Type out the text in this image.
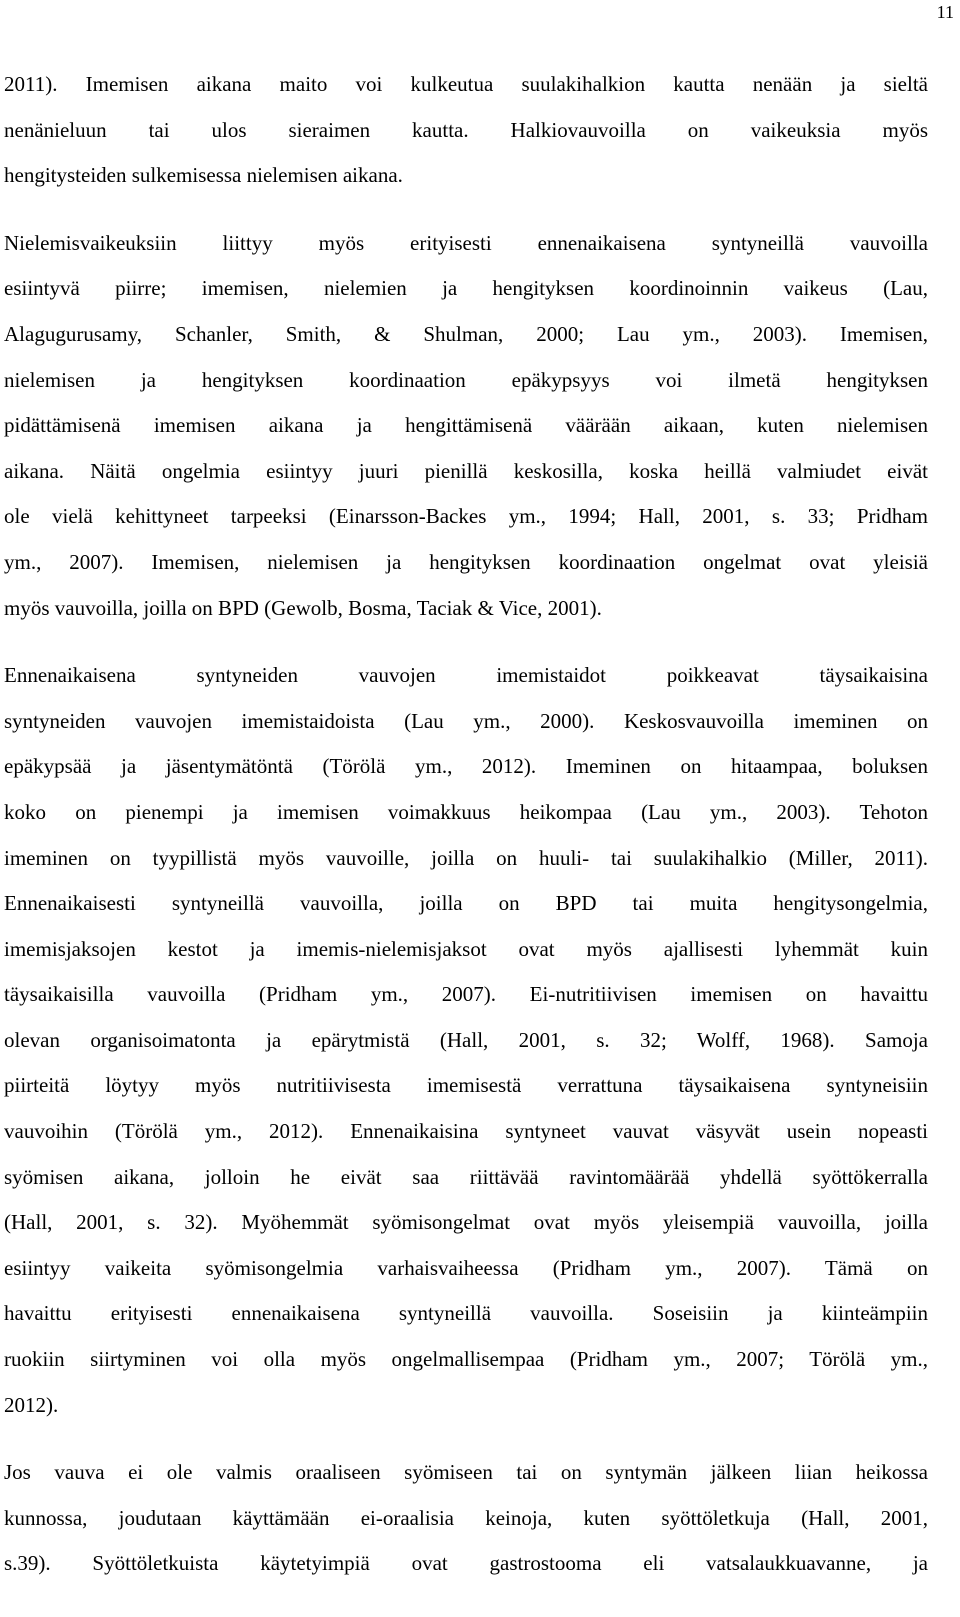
11
2011). Imemisen aikana maito voi kulkeutua suulakihalkion kautta nenään ja sieltä
nenänieluun tai ulos sieraimen kautta. Halkiovauvoilla on vaikeuksia myös
hengitysteiden sulkemisessa nielemisen aikana.
Nielemisvaikeuksiin liittyy myös erityisesti ennenaikaisena syntyneillä vauvoilla
esiintyvä piirre; imemisen, nielemien ja hengityksen koordinoinnin vaikeus (Lau,
Alagugurusamy, Schanler, Smith, & Shulman, 2000; Lau ym., 2003). Imemisen,
nielemisen ja hengityksen koordinaation epäkypsyys voi ilmetä hengityksen
pidättämisenä imemisen aikana ja hengittämisenä väärään aikaan, kuten nielemisen
aikana. Näitä ongelmia esiintyy juuri pienillä keskosilla, koska heillä valmiudet eivät
ole vielä kehittyneet tarpeeksi (Einarsson-Backes ym., 1994; Hall, 2001, s. 33; Pridham
ym., 2007). Imemisen, nielemisen ja hengityksen koordinaation ongelmat ovat yleisiä
myös vauvoilla, joilla on BPD (Gewolb, Bosma, Taciak & Vice, 2001).
Ennenaikaisena syntyneiden vauvojen imemistaidot poikkeavat täysaikaisina
syntyneiden vauvojen imemistaidoista (Lau ym., 2000). Keskosvauvoilla imeminen on
epäkypsää ja jäsentymätöntä (Törölä ym., 2012). Imeminen on hitaampaa, boluksen
koko on pienempi ja imemisen voimakkuus heikompaa (Lau ym., 2003). Tehoton
imeminen on tyypillistä myös vauvoille, joilla on huuli- tai suulakihalkio (Miller, 2011).
Ennenaikaisesti syntyneillä vauvoilla, joilla on BPD tai muita hengitysongelmia,
imemisjaksojen kestot ja imemis-nielemisjaksot ovat myös ajallisesti lyhemmät kuin
täysaikaisilla vauvoilla (Pridham ym., 2007). Ei-nutritiivisen imemisen on havaittu
olevan organisoimatonta ja epärytmistä (Hall, 2001, s. 32; Wolff, 1968). Samoja
piirteitä löytyy myös nutritiivisesta imemisestä verrattuna täysaikaisena syntyneisiin
vauvoihin (Törölä ym., 2012). Ennenaikaisina syntyneet vauvat väsyvät usein nopeasti
syömisen aikana, jolloin he eivät saa riittävää ravintomäärää yhdellä syöttökerralla
(Hall, 2001, s. 32). Myöhemmät syömisongelmat ovat myös yleisempiä vauvoilla, joilla
esiintyy vaikeita syömisongelmia varhaisvaiheessa (Pridham ym., 2007). Tämä on
havaittu erityisesti ennenaikaisena syntyneillä vauvoilla. Soseisiin ja kiinteämpiin
ruokiin siirtyminen voi olla myös ongelmallisempaa (Pridham ym., 2007; Törölä ym.,
2012).
Jos vauva ei ole valmis oraaliseen syömiseen tai on syntymän jälkeen liian heikossa
kunnossa, joudutaan käyttämään ei-oraalisia keinoja, kuten syöttöletkuja (Hall, 2001,
s.39). Syöttöletkuista käytetyimpiä ovat gastrostooma eli vatsalaukkuavanne, ja
